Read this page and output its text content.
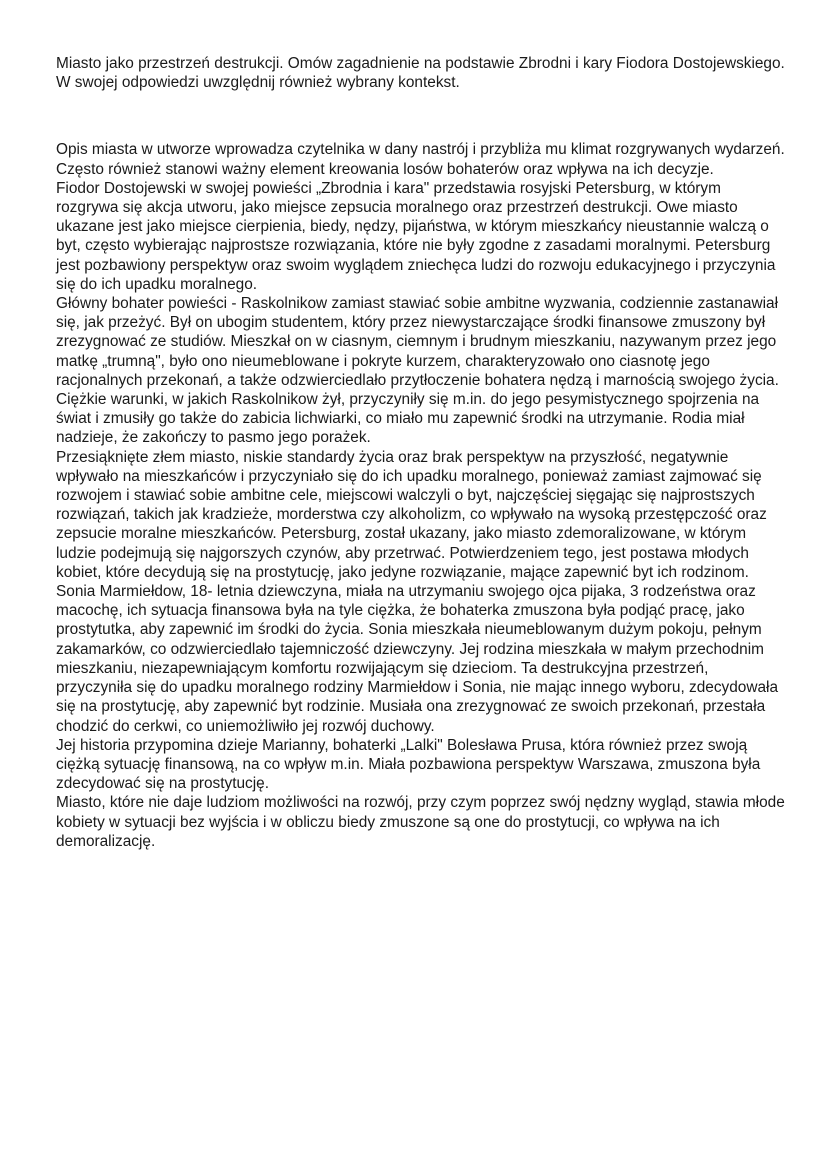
Miasto jako przestrzeń destrukcji. Omów zagadnienie na podstawie Zbrodni i kary Fiodora Dostojewskiego. W swojej odpowiedzi uwzględnij również wybrany kontekst.

Opis miasta w utworze wprowadza czytelnika w dany nastrój i przybliża mu klimat rozgrywanych wydarzeń. Często również stanowi ważny element kreowania losów bohaterów oraz wpływa na ich decyzje.

Fiodor Dostojewski w swojej powieści „Zbrodnia i kara" przedstawia rosyjski Petersburg, w którym rozgrywa się akcja utworu, jako miejsce zepsucia moralnego oraz przestrzeń destrukcji. Owe miasto ukazane jest jako miejsce cierpienia, biedy, nędzy, pijaństwa, w którym mieszkańcy nieustannie walczą o byt, często wybierając najprostsze rozwiązania, które nie były zgodne z zasadami moralnymi. Petersburg jest pozbawiony perspektyw oraz swoim wyglądem zniechęca ludzi do rozwoju edukacyjnego i przyczynia się do ich upadku moralnego.

Główny bohater powieści - Raskolnikow zamiast stawiać sobie ambitne wyzwania, codziennie zastanawiał się, jak przeżyć. Był on ubogim studentem, który przez niewystarczające środki finansowe zmuszony był zrezygnować ze studiów. Mieszkał on w ciasnym, ciemnym i brudnym mieszkaniu, nazywanym przez jego matkę „trumną", było ono nieumeblowane i pokryte kurzem, charakteryzowało ono ciasnotę jego racjonalnych przekonań, a także odzwierciedlało przytłoczenie bohatera nędzą i marnością swojego życia. Ciężkie warunki, w jakich Raskolnikow żył, przyczyniły się m.in. do jego pesymistycznego spojrzenia na świat i zmusiły go także do zabicia lichwiarki, co miało mu zapewnić środki na utrzymanie. Rodia miał nadzieje, że zakończy to pasmo jego porażek.

Przesiąknięte złem miasto, niskie standardy życia oraz brak perspektyw na przyszłość, negatywnie wpływało na mieszkańców i przyczyniało się do ich upadku moralnego, ponieważ zamiast zajmować się rozwojem i stawiać sobie ambitne cele, miejscowi walczyli o byt, najczęściej sięgając się najprostszych rozwiązań, takich jak kradzieże, morderstwa czy alkoholizm, co wpływało na wysoką przestępczość oraz zepsucie moralne mieszkańców. Petersburg, został ukazany, jako miasto zdemoralizowane, w którym ludzie podejmują się najgorszych czynów, aby przetrwać. Potwierdzeniem tego, jest postawa młodych kobiet, które decydują się na prostytucję, jako jedyne rozwiązanie, mające zapewnić byt ich rodzinom.

Sonia Marmiełdow, 18- letnia dziewczyna, miała na utrzymaniu swojego ojca pijaka, 3 rodzeństwa oraz macochę, ich sytuacja finansowa była na tyle ciężka, że bohaterka zmuszona była podjąć pracę, jako prostytutka, aby zapewnić im środki do życia. Sonia mieszkała nieumeblowanym dużym pokoju, pełnym zakamarków, co odzwierciedlało tajemniczość dziewczyny. Jej rodzina mieszkała w małym przechodnim mieszkaniu, niezapewniającym komfortu rozwijającym się dzieciom. Ta destrukcyjna przestrzeń, przyczyniła się do upadku moralnego rodziny Marmiełdow i Sonia, nie mając innego wyboru, zdecydowała się na prostytucję, aby zapewnić byt rodzinie. Musiała ona zrezygnować ze swoich przekonań, przestała chodzić do cerkwi, co uniemożliwiło jej rozwój duchowy.

Jej historia przypomina dzieje Marianny, bohaterki „Lalki" Bolesława Prusa, która również przez swoją ciężką sytuację finansową, na co wpływ m.in. Miała pozbawiona perspektyw Warszawa, zmuszona była zdecydować się na prostytucję.

Miasto, które nie daje ludziom możliwości na rozwój, przy czym poprzez swój nędzny wygląd, stawia młode kobiety w sytuacji bez wyjścia i w obliczu biedy zmuszone są one do prostytucji, co wpływa na ich demoralizację.
